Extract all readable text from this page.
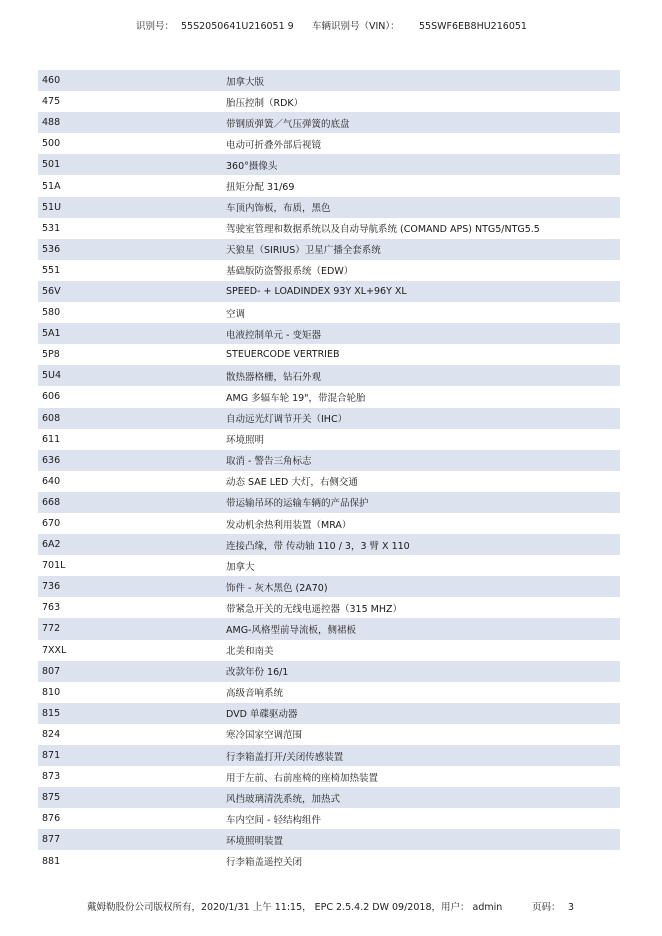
识别号： 55S2050641U216051 9 车辆识别号（VIN）： 55SWF6EB8HU216051
460	加拿大版
475	胎压控制（RDK）
488	带钢质弹簧／气压弹簧的底盘
500	电动可折叠外部后视镜
501	360°摄像头
51A	扭矩分配 31/69
51U	车顶内饰板，布质，黑色
531	驾驶室管理和数据系统以及自动导航系统 (COMAND APS) NTG5/NTG5.5
536	天狼星（SIRIUS）卫星广播全套系统
551	基础版防盗警报系统（EDW）
56V	SPEED- + LOADINDEX 93Y XL+96Y XL
580	空调
5A1	电液控制单元 - 变矩器
5P8	STEUERCODE VERTRIEB
5U4	散热器格栅，钻石外观
606	AMG 多辐车轮 19"，带混合轮胎
608	自动远光灯调节开关（IHC）
611	环境照明
636	取消 - 警告三角标志
640	动态 SAE LED 大灯，右侧交通
668	带运输吊环的运输车辆的产品保护
670	发动机余热利用装置（MRA）
6A2	连接凸缘，带 传动轴 110 / 3，3 臂 X 110
701L	加拿大
736	饰件 - 灰木黑色 (2A70)
763	带紧急开关的无线电遥控器（315 MHZ）
772	AMG-风格型前导流板，侧裙板
7XXL	北美和南美
807	改款年份 16/1
810	高级音响系统
815	DVD 单碟驱动器
824	寒冷国家空调范围
871	行李箱盖打开/关闭传感装置
873	用于左前、右前座椅的座椅加热装置
875	风挡玻璃清洗系统，加热式
876	车内空间 - 轻结构组件
877	环境照明装置
881	行李箱盖遥控关闭
戴姆勒股份公司版权所有，2020/1/31 上午 11:15， EPC 2.5.4.2 DW 09/2018，用户： admin	页码： 3
